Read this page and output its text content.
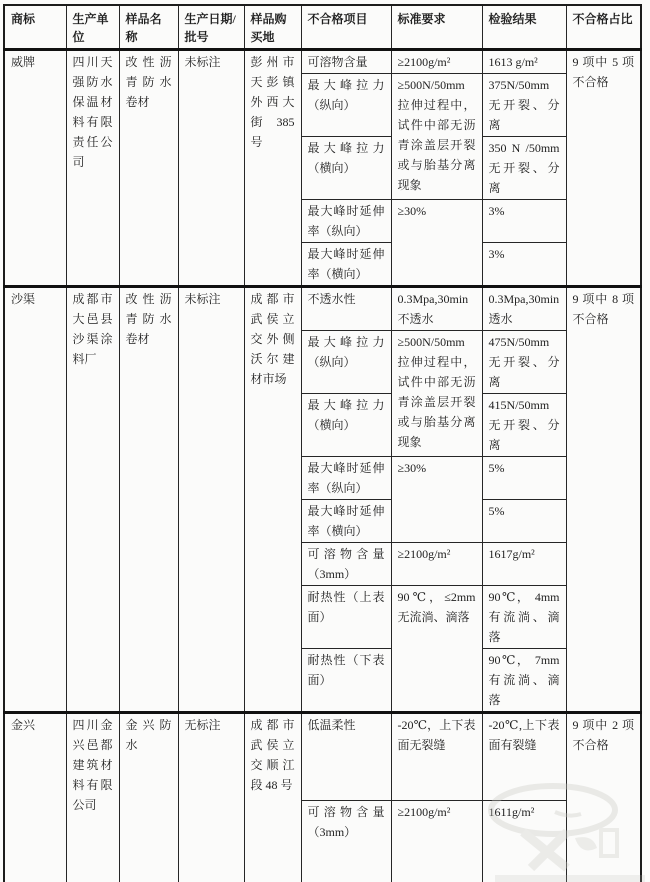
商标	生产单位	样品名称	生产日期/批号	样品购买地	不合格项目	标准要求	检验结果	不合格占比
威牌	四川天强防水保温材料有限责任公司	改性沥青防水卷材	未标注	彭州市天彭镇外西大街 385 号	可溶物含量	≥2100g/m²	1613 g/m²	9 项中 5 项不合格
					最大峰拉力（纵向）	≥500N/50mm 拉伸过程中，试件中部无沥青涂盖层开裂或与胎基分离现象	375N/50mm 无开裂、分离	
					最大峰拉力（横向）		350 N /50mm 无开裂、分离	
					最大峰时延伸率（纵向）	≥30%	3%	
					最大峰时延伸率（横向）		3%	
沙渠	成都市大邑县沙渠涂料厂	改性沥青防水卷材	未标注	成都市武侯立交外侧沃尔建材市场	不透水性	0.3Mpa,30min 不透水	0.3Mpa,30min 透水	9 项中 8 项不合格
					最大峰拉力（纵向）	≥500N/50mm 拉伸过程中，试件中部无沥青涂盖层开裂或与胎基分离现象	475N/50mm 无开裂、分离	
					最大峰拉力（横向）		415N/50mm 无开裂、分离	
					最大峰时延伸率（纵向）	≥30%	5%	
					最大峰时延伸率（横向）		5%	
					可溶物含量（3mm）	≥2100g/m²	1617g/m²	
					耐热性（上表面）	90℃，≤2mm 无流淌、滴落	90℃， 4mm 有流淌、滴落	
					耐热性（下表面）		90℃， 7mm 有流淌、滴落	
金兴	四川金兴邑都建筑材料有限公司	金兴防水	无标注	成都市武侯立交顺江段 48 号	低温柔性	-20℃，上下表面无裂缝	-20℃,上下表面有裂缝	9 项中 2 项不合格
					可溶物含量（3mm）	≥2100g/m²	1611g/m²	
